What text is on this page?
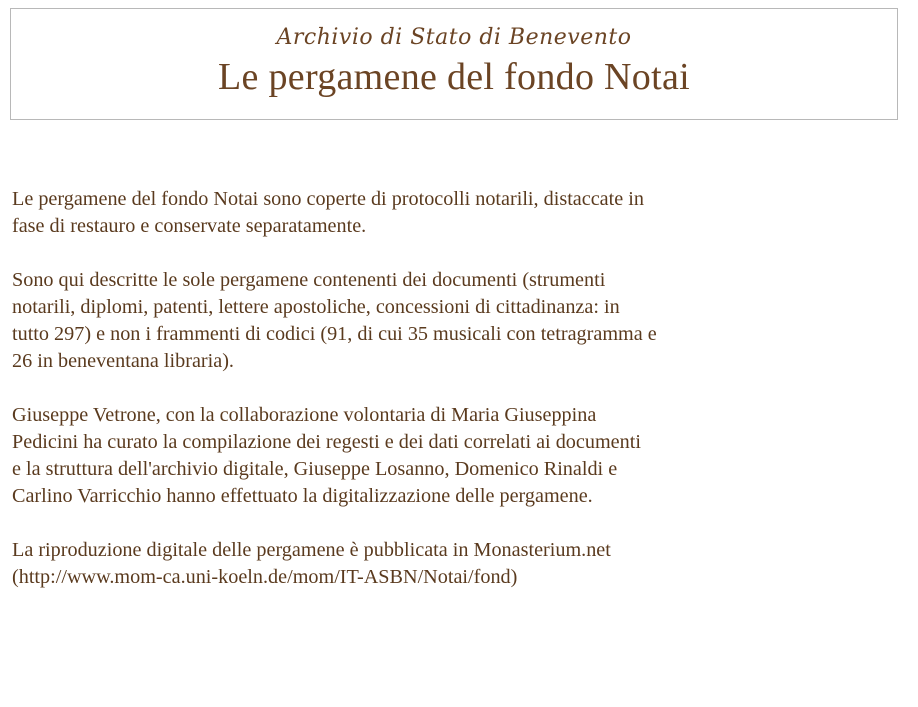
Archivio di Stato di Benevento
Le pergamene del fondo Notai

Le pergamene del fondo Notai sono coperte di protocolli notarili, distaccate in
fase di restauro e conservate separatamente.

Sono qui descritte le sole pergamene contenenti dei documenti (strumenti
notarili, diplomi, patenti, lettere apostoliche, concessioni di cittadinanza: in
tutto 297) e non i frammenti di codici (91, di cui 35 musicali con tetragramma e
26 in beneventana libraria).

Giuseppe Vetrone, con la collaborazione volontaria di Maria Giuseppina
Pedicini ha curato la compilazione dei regesti e dei dati correlati ai documenti
e la struttura dell'archivio digitale, Giuseppe Losanno, Domenico Rinaldi e
Carlino Varricchio hanno effettuato la digitalizzazione delle pergamene.

La riproduzione digitale delle pergamene è pubblicata in Monasterium.net
(http://www.mom-ca.uni-koeln.de/mom/IT-ASBN/Notai/fond)
